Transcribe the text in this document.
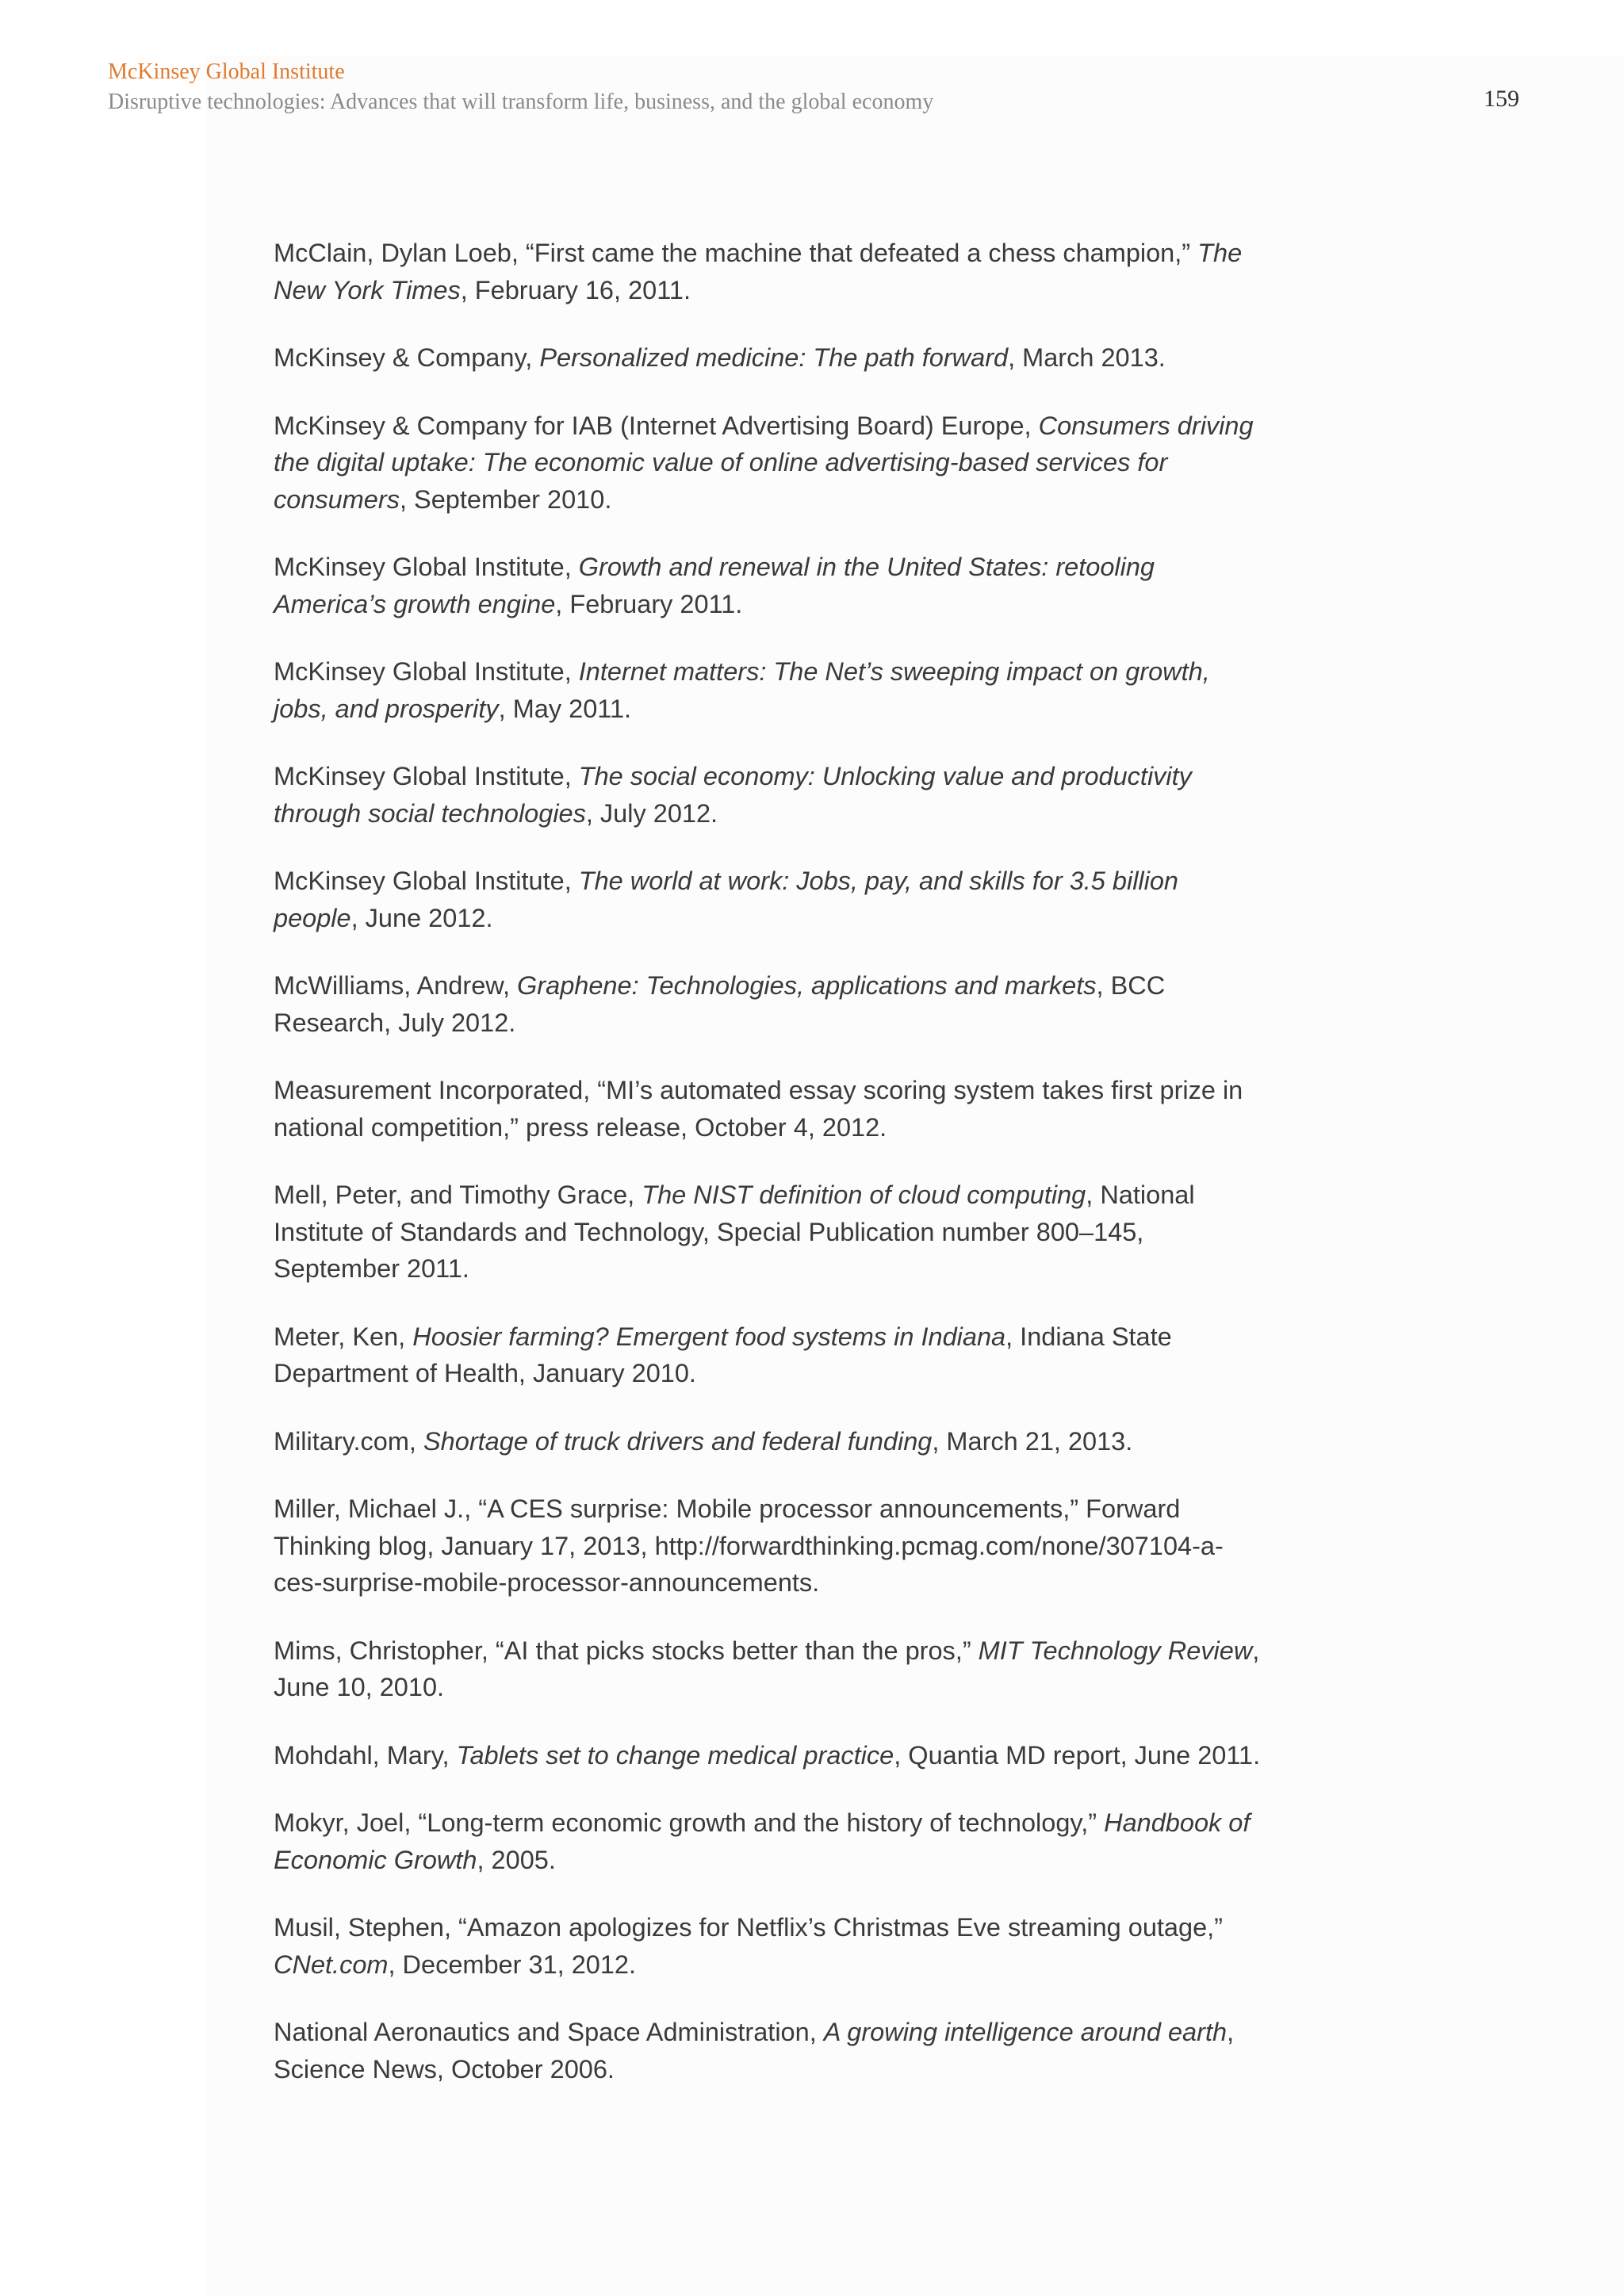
McKinsey Global Institute
Disruptive technologies: Advances that will transform life, business, and the global economy	159

McClain, Dylan Loeb, “First came the machine that defeated a chess champion,” The New York Times, February 16, 2011.

McKinsey & Company, Personalized medicine: The path forward, March 2013.

McKinsey & Company for IAB (Internet Advertising Board) Europe, Consumers driving the digital uptake: The economic value of online advertising-based services for consumers, September 2010.

McKinsey Global Institute, Growth and renewal in the United States: retooling America’s growth engine, February 2011.

McKinsey Global Institute, Internet matters: The Net’s sweeping impact on growth, jobs, and prosperity, May 2011.

McKinsey Global Institute, The social economy: Unlocking value and productivity through social technologies, July 2012.

McKinsey Global Institute, The world at work: Jobs, pay, and skills for 3.5 billion people, June 2012.

McWilliams, Andrew, Graphene: Technologies, applications and markets, BCC Research, July 2012.

Measurement Incorporated, “MI’s automated essay scoring system takes first prize in national competition,” press release, October 4, 2012.

Mell, Peter, and Timothy Grace, The NIST definition of cloud computing, National Institute of Standards and Technology, Special Publication number 800–145, September 2011.

Meter, Ken, Hoosier farming? Emergent food systems in Indiana, Indiana State Department of Health, January 2010.

Military.com, Shortage of truck drivers and federal funding, March 21, 2013.

Miller, Michael J., “A CES surprise: Mobile processor announcements,” Forward Thinking blog, January 17, 2013, http://forwardthinking.pcmag.com/none/307104-a-ces-surprise-mobile-processor-announcements.

Mims, Christopher, “AI that picks stocks better than the pros,” MIT Technology Review, June 10, 2010.

Mohdahl, Mary, Tablets set to change medical practice, Quantia MD report, June 2011.

Mokyr, Joel, “Long-term economic growth and the history of technology,” Handbook of Economic Growth, 2005.

Musil, Stephen, “Amazon apologizes for Netflix’s Christmas Eve streaming outage,” CNet.com, December 31, 2012.

National Aeronautics and Space Administration, A growing intelligence around earth, Science News, October 2006.
